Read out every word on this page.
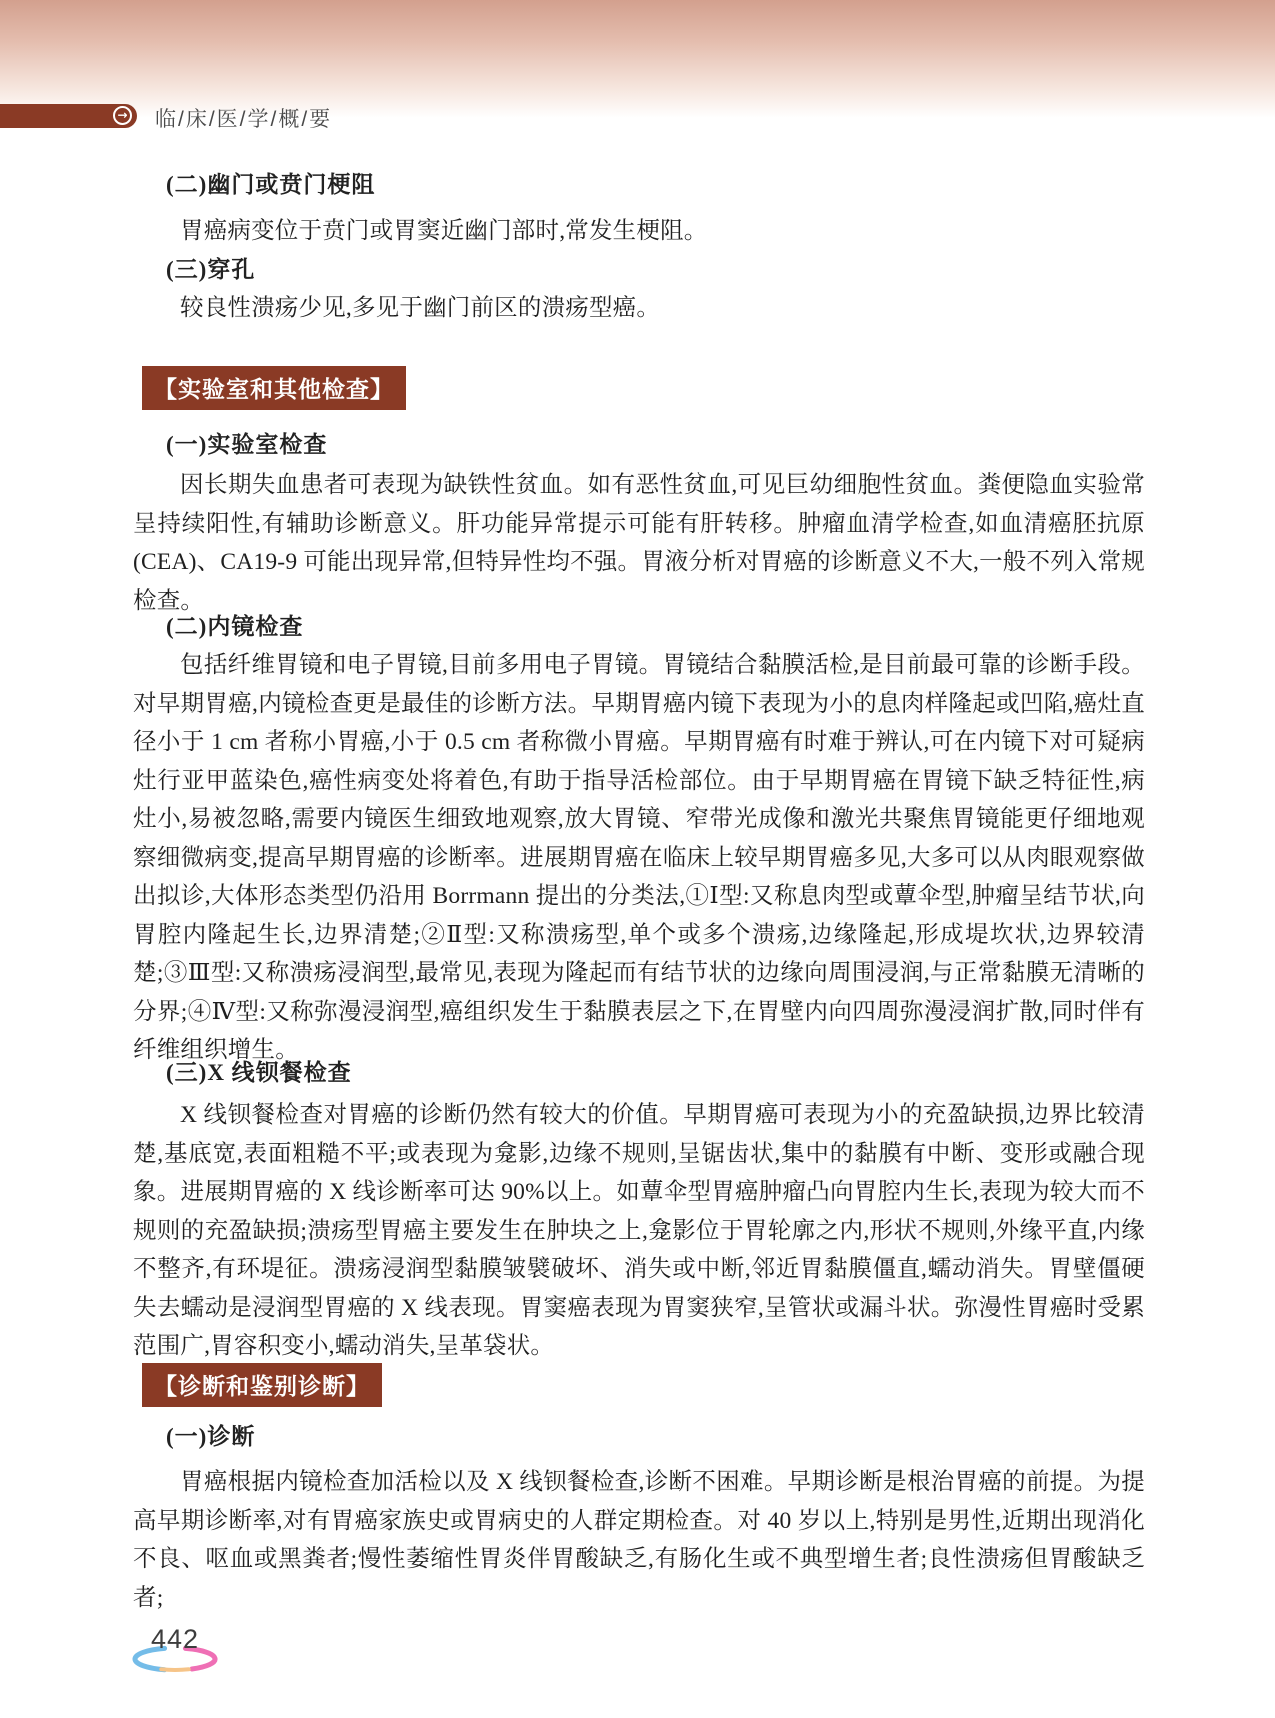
→ 临/床/医/学/概/要
(二)幽门或贲门梗阻
胃癌病变位于贲门或胃窦近幽门部时,常发生梗阻。
(三)穿孔
较良性溃疡少见,多见于幽门前区的溃疡型癌。
【实验室和其他检查】
(一)实验室检查
因长期失血患者可表现为缺铁性贫血。如有恶性贫血,可见巨幼细胞性贫血。粪便隐血实验常呈持续阳性,有辅助诊断意义。肝功能异常提示可能有肝转移。肿瘤血清学检查,如血清癌胚抗原(CEA)、CA19-9 可能出现异常,但特异性均不强。胃液分析对胃癌的诊断意义不大,一般不列入常规检查。
(二)内镜检查
包括纤维胃镜和电子胃镜,目前多用电子胃镜。胃镜结合黏膜活检,是目前最可靠的诊断手段。对早期胃癌,内镜检查更是最佳的诊断方法。早期胃癌内镜下表现为小的息肉样隆起或凹陷,癌灶直径小于 1 cm 者称小胃癌,小于 0.5 cm 者称微小胃癌。早期胃癌有时难于辨认,可在内镜下对可疑病灶行亚甲蓝染色,癌性病变处将着色,有助于指导活检部位。由于早期胃癌在胃镜下缺乏特征性,病灶小,易被忽略,需要内镜医生细致地观察,放大胃镜、窄带光成像和激光共聚焦胃镜能更仔细地观察细微病变,提高早期胃癌的诊断率。进展期胃癌在临床上较早期胃癌多见,大多可以从肉眼观察做出拟诊,大体形态类型仍沿用 Borrmann 提出的分类法,①Ⅰ型:又称息肉型或蕈伞型,肿瘤呈结节状,向胃腔内隆起生长,边界清楚;②Ⅱ型:又称溃疡型,单个或多个溃疡,边缘隆起,形成堤坎状,边界较清楚;③Ⅲ型:又称溃疡浸润型,最常见,表现为隆起而有结节状的边缘向周围浸润,与正常黏膜无清晰的分界;④Ⅳ型:又称弥漫浸润型,癌组织发生于黏膜表层之下,在胃壁内向四周弥漫浸润扩散,同时伴有纤维组织增生。
(三)X 线钡餐检查
X 线钡餐检查对胃癌的诊断仍然有较大的价值。早期胃癌可表现为小的充盈缺损,边界比较清楚,基底宽,表面粗糙不平;或表现为龛影,边缘不规则,呈锯齿状,集中的黏膜有中断、变形或融合现象。进展期胃癌的 X 线诊断率可达 90%以上。如蕈伞型胃癌肿瘤凸向胃腔内生长,表现为较大而不规则的充盈缺损;溃疡型胃癌主要发生在肿块之上,龛影位于胃轮廓之内,形状不规则,外缘平直,内缘不整齐,有环堤征。溃疡浸润型黏膜皱襞破坏、消失或中断,邻近胃黏膜僵直,蠕动消失。胃壁僵硬失去蠕动是浸润型胃癌的 X 线表现。胃窦癌表现为胃窦狭窄,呈管状或漏斗状。弥漫性胃癌时受累范围广,胃容积变小,蠕动消失,呈革袋状。
【诊断和鉴别诊断】
(一)诊断
胃癌根据内镜检查加活检以及 X 线钡餐检查,诊断不困难。早期诊断是根治胃癌的前提。为提高早期诊断率,对有胃癌家族史或胃病史的人群定期检查。对 40 岁以上,特别是男性,近期出现消化不良、呕血或黑粪者;慢性萎缩性胃炎伴胃酸缺乏,有肠化生或不典型增生者;良性溃疡但胃酸缺乏者;
442
